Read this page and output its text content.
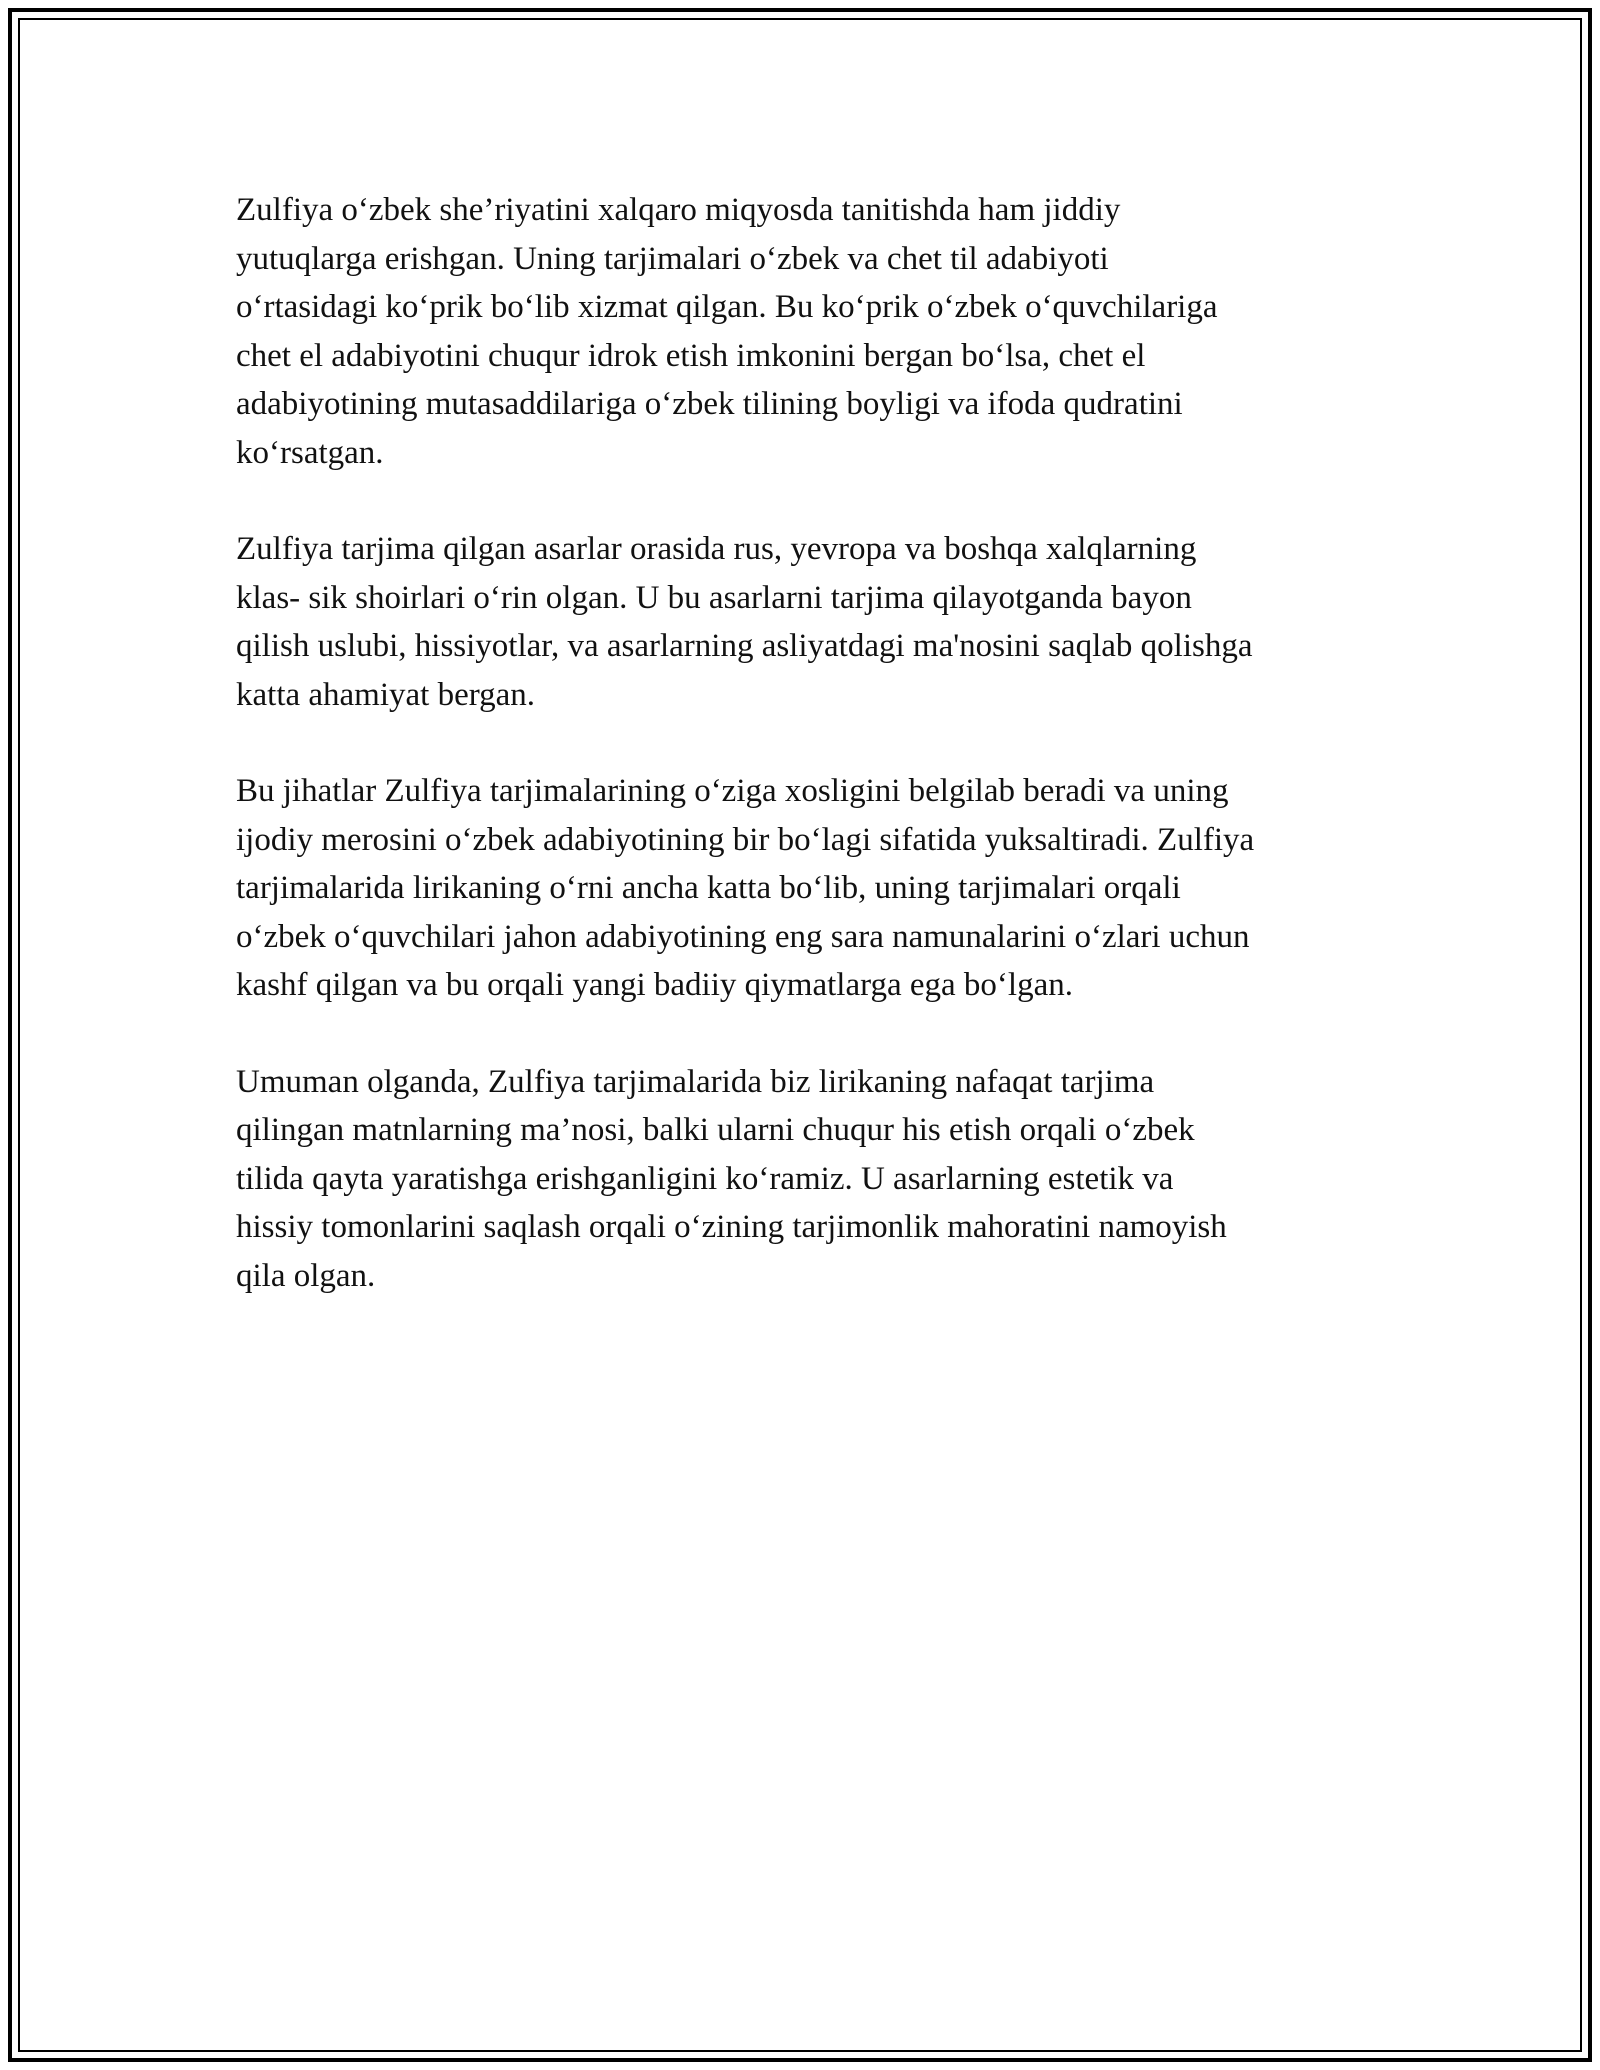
Zulfiya o‘zbek she’riyatini xalqaro miqyosda tanitishda ham jiddiy
yutuqlarga erishgan. Uning tarjimalari o‘zbek va chet til adabiyoti
o‘rtasidagi ko‘prik bo‘lib xizmat qilgan. Bu ko‘prik o‘zbek o‘quvchilariga
chet el adabiyotini chuqur idrok etish imkonini bergan bo‘lsa, chet el
adabiyotining mutasaddilariga o‘zbek tilining boyligi va ifoda qudratini
ko‘rsatgan.

Zulfiya tarjima qilgan asarlar orasida rus, yevropa va boshqa xalqlarning
klas- sik shoirlari o‘rin olgan. U bu asarlarni tarjima qilayotganda bayon
qilish uslubi, hissiyotlar, va asarlarning asliyatdagi ma'nosini saqlab qolishga
katta ahamiyat bergan.

Bu jihatlar Zulfiya tarjimalarining o‘ziga xosligini belgilab beradi va uning
ijodiy merosini o‘zbek adabiyotining bir bo‘lagi sifatida yuksaltiradi. Zulfiya
tarjimalarida lirikaning o‘rni ancha katta bo‘lib, uning tarjimalari orqali
o‘zbek o‘quvchilari jahon adabiyotining eng sara namunalarini o‘zlari uchun
kashf qilgan va bu orqali yangi badiiy qiymatlarga ega bo‘lgan.

Umuman olganda, Zulfiya tarjimalarida biz lirikaning nafaqat tarjima
qilingan matnlarning ma’nosi, balki ularni chuqur his etish orqali o‘zbek
tilida qayta yaratishga erishganligini ko‘ramiz. U asarlarning estetik va
hissiy tomonlarini saqlash orqali o‘zining tarjimonlik mahoratini namoyish
qila olgan.
